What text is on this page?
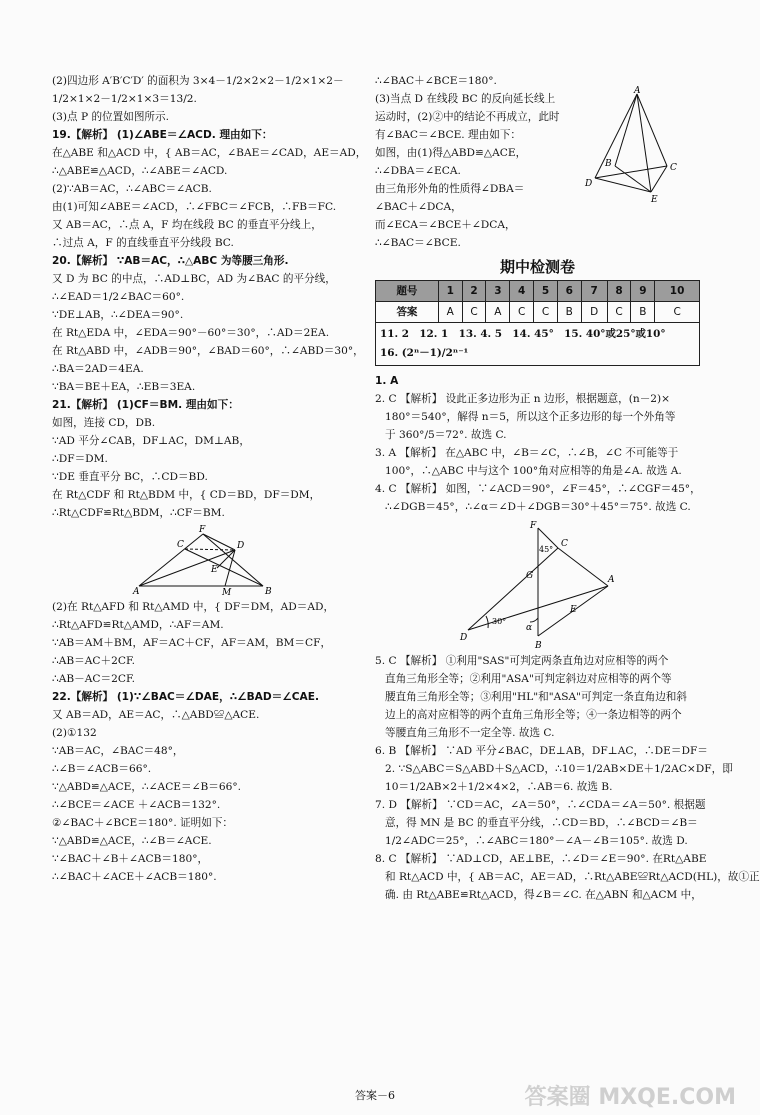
(2)四边形 A′B′C′D′ 的面积为 3×4－1/2×2×2－1/2×1×2－
1/2×1×2－1/2×1×3＝13/2.
(3)点 P 的位置如图所示.
19.【解析】 (1)∠ABE＝∠ACD. 理由如下：
在△ABE 和△ACD 中，{ AB＝AC，∠BAE＝∠CAD，AE＝AD，
∴△ABE≌△ACD，∴∠ABE＝∠ACD.
(2)∵AB＝AC，∴∠ABC＝∠ACB.
由(1)可知∠ABE＝∠ACD，∴∠FBC＝∠FCB，∴FB＝FC.
又 AB＝AC，∴点 A，F 均在线段 BC 的垂直平分线上，
∴过点 A，F 的直线垂直平分线段 BC.
20.【解析】 ∵AB＝AC，∴△ABC 为等腰三角形.
又 D 为 BC 的中点，∴AD⊥BC，AD 为∠BAC 的平分线，
∴∠EAD＝1/2∠BAC＝60°.
∵DE⊥AB，∴∠DEA＝90°.
在 Rt△EDA 中，∠EDA＝90°－60°＝30°，∴AD＝2EA.
在 Rt△ABD 中，∠ADB＝90°，∠BAD＝60°，∴∠ABD＝30°，
∴BA＝2AD＝4EA.
∵BA＝BE＋EA，∴EB＝3EA.
21.【解析】 (1)CF＝BM. 理由如下：
如图，连接 CD，DB.
∵AD 平分∠CAB，DF⊥AC，DM⊥AB，
∴DF＝DM.
∵DE 垂直平分 BC，∴CD＝BD.
在 Rt△CDF 和 Rt△BDM 中，{ CD＝BD，DF＝DM，
∴Rt△CDF≌Rt△BDM，∴CF＝BM.
C
F
D
A
E
M	B
(2)在 Rt△AFD 和 Rt△AMD 中，{ DF＝DM，AD＝AD，
∴Rt△AFD≌Rt△AMD，∴AF＝AM.
∵AB＝AM＋BM，AF＝AC＋CF，AF＝AM，BM＝CF，
∴AB＝AC＋2CF.
∴AB－AC＝2CF.
22.【解析】 (1)∵∠BAC＝∠DAE，∴∠BAD＝∠CAE.
又 AB＝AD，AE＝AC，∴△ABD≌△ACE.
(2)①132
∵AB＝AC，∠BAC＝48°，
∴∠B＝∠ACB＝66°.
∵△ABD≌△ACE，∴∠ACE＝∠B＝66°.
∴∠BCE＝∠ACE ＋∠ACB＝132°.
②∠BAC＋∠BCE＝180°. 证明如下：
∵△ABD≌△ACE，∴∠B＝∠ACE.
∵∠BAC＋∠B＋∠ACB＝180°，
∴∠BAC＋∠ACE＋∠ACB＝180°.
∴∠BAC＋∠BCE＝180°.
(3)当点 D 在线段 BC 的反向延长线上
运动时，(2)②中的结论不再成立，此时
有∠BAC＝∠BCE. 理由如下：
如图，由(1)得△ABD≌△ACE，
∴∠DBA＝∠ECA.
由三角形外角的性质得∠DBA＝
∠BAC＋∠DCA，
而∠ECA＝∠BCE＋∠DCA，
∴∠BAC＝∠BCE.
A
B	C
D
E
期中检测卷
题号	1	2	3	4	5	6	7	8	9	10
答案	A	C	A	C	C	B	D	C	B	C
11. 2　12. 1　13. 4. 5　14. 45°　15. 40°或25°或10°
16. (2ⁿ－1)/2ⁿ⁻¹
1. A
2. C 【解析】 设此正多边形为正 n 边形，根据题意，(n－2)×
180°＝540°，解得 n＝5，所以这个正多边形的每一个外角等
于 360°/5＝72°. 故选 C.
3. A 【解析】 在△ABC 中，∠B＝∠C，∴∠B，∠C 不可能等于
100°，∴△ABC 中与这个 100°角对应相等的角是∠A. 故选 A.
4. C 【解析】 如图，∵∠ACD＝90°，∠F＝45°，∴∠CGF＝45°，
∴∠DGB＝45°，∴∠α＝∠D＋∠DGB＝30°＋45°＝75°. 故选 C.
F
C
45°
G	A
E
30°
α
D
B
5. C 【解析】 ①利用"SAS"可判定两条直角边对应相等的两个
直角三角形全等；②利用"ASA"可判定斜边对应相等的两个等
腰直角三角形全等；③利用"HL"和"ASA"可判定一条直角边和斜
边上的高对应相等的两个直角三角形全等；④一条边相等的两个
等腰直角三角形不一定全等. 故选 C.
6. B 【解析】 ∵AD 平分∠BAC，DE⊥AB，DF⊥AC，∴DE＝DF＝
2. ∵S△ABC＝S△ABD＋S△ACD，∴10＝1/2AB×DE＋1/2AC×DF，即
10＝1/2AB×2＋1/2×4×2，∴AB＝6. 故选 B.
7. D 【解析】 ∵CD＝AC，∠A＝50°，∴∠CDA＝∠A＝50°. 根据题
意，得 MN 是 BC 的垂直平分线，∴CD＝BD，∴∠BCD＝∠B＝
1/2∠ADC＝25°，∴∠ABC＝180°－∠A－∠B＝105°. 故选 D.
8. C 【解析】 ∵AD⊥CD，AE⊥BE，∴∠D＝∠E＝90°. 在Rt△ABE
和 Rt△ACD 中，{ AB＝AC，AE＝AD，∴Rt△ABE≌Rt△ACD(HL)，故①正
确. 由 Rt△ABE≌Rt△ACD，得∠B＝∠C. 在△ABN 和△ACM 中，
答案－6	答案圈 MXQE.COM
